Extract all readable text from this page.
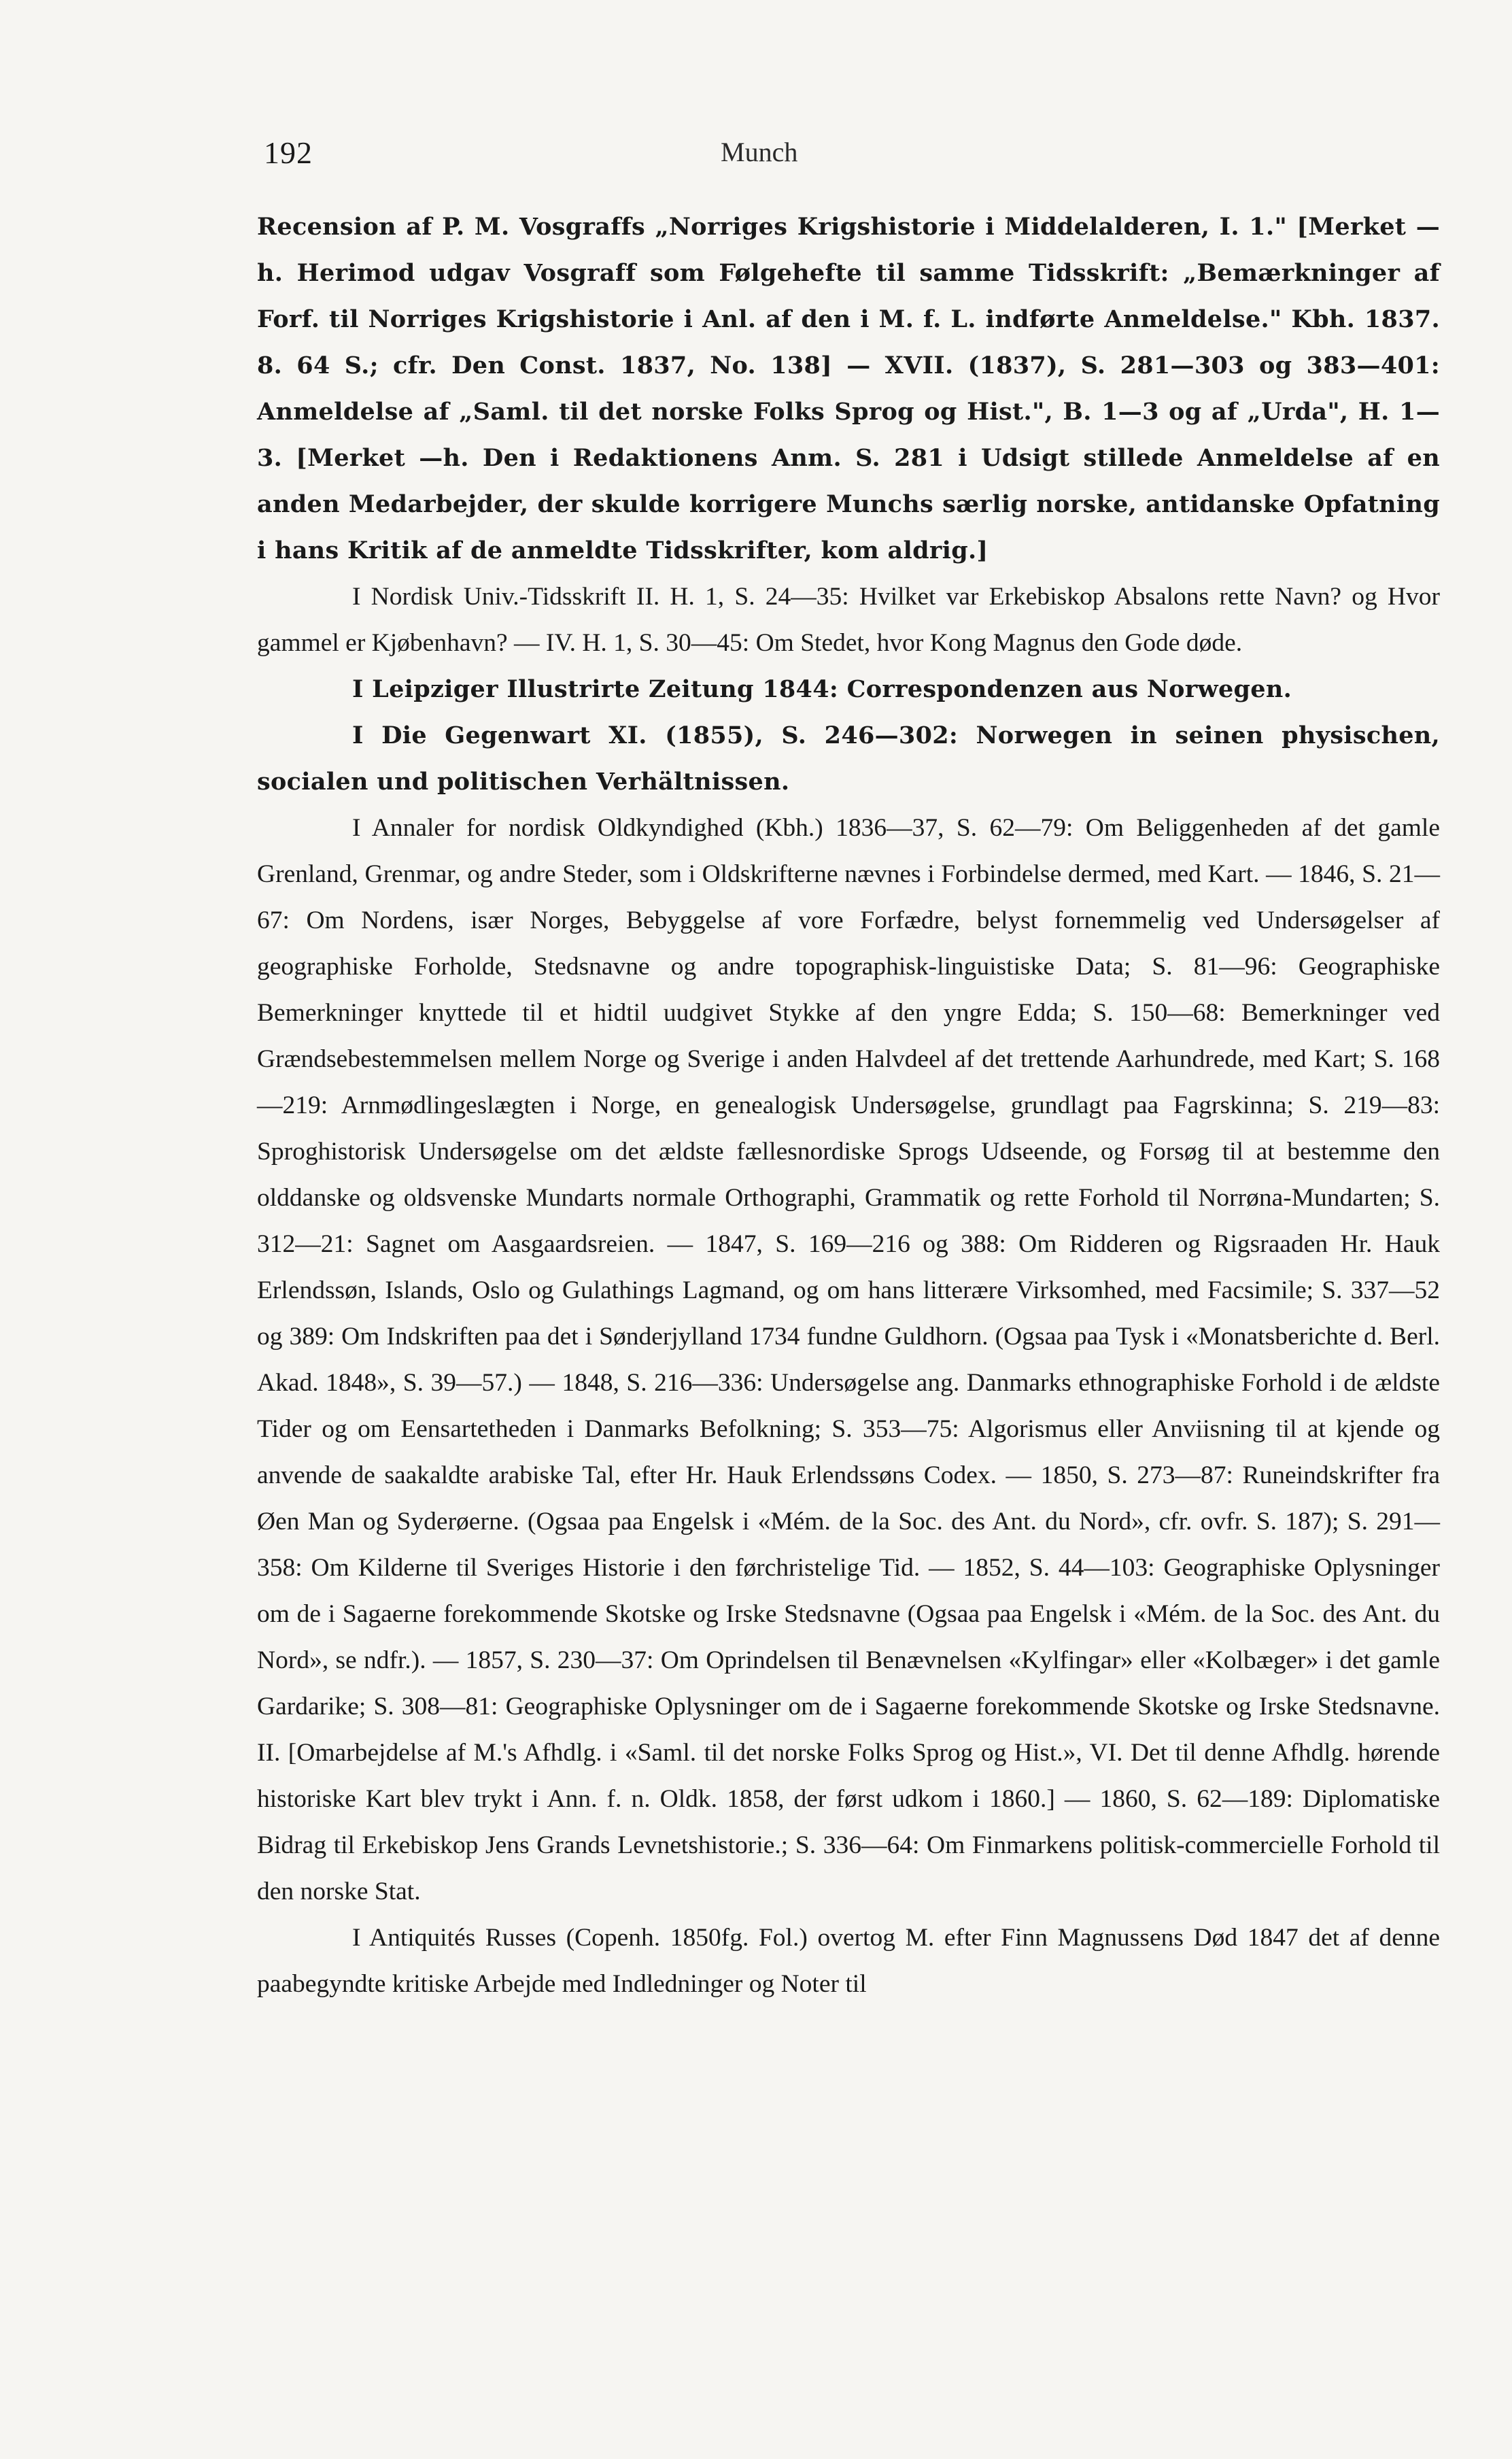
192	Munch

Recension af P. M. Vosgraffs „Norriges Krigshistorie i Middelalderen, I. 1." [Merket —h. Herimod udgav Vosgraff som Følgehefte til samme Tidsskrift: „Bemærkninger af Forf. til Norriges Krigshistorie i Anl. af den i M. f. L. indførte Anmeldelse." Kbh. 1837. 8. 64 S.; cfr. Den Const. 1837, No. 138] — XVII. (1837), S. 281—303 og 383—401: Anmeldelse af „Saml. til det norske Folks Sprog og Hist.", B. 1—3 og af „Urda", H. 1—3. [Merket —h. Den i Redaktionens Anm. S. 281 i Udsigt stillede Anmeldelse af en anden Medarbejder, der skulde korrigere Munchs særlig norske, antidanske Opfatning i hans Kritik af de anmeldte Tidsskrifter, kom aldrig.]

I Nordisk Univ.-Tidsskrift II. H. 1, S. 24—35: Hvilket var Erkebiskop Absalons rette Navn? og Hvor gammel er Kjøbenhavn? — IV. H. 1, S. 30—45: Om Stedet, hvor Kong Magnus den Gode døde.

I Leipziger Illustrirte Zeitung 1844: Correspondenzen aus Norwegen.

I Die Gegenwart XI. (1855), S. 246—302: Norwegen in seinen physischen, socialen und politischen Verhältnissen.

I Annaler for nordisk Oldkyndighed (Kbh.) 1836—37, S. 62—79: Om Beliggenheden af det gamle Grenland, Grenmar, og andre Steder, som i Oldskrifterne nævnes i Forbindelse dermed, med Kart. — 1846, S. 21—67: Om Nordens, især Norges, Bebyggelse af vore Forfædre, belyst fornemmelig ved Undersøgelser af geographiske Forholde, Stedsnavne og andre topographisk-linguistiske Data; S. 81—96: Geographiske Bemerkninger knyttede til et hidtil uudgivet Stykke af den yngre Edda; S. 150—68: Bemerkninger ved Grændsebestemmelsen mellem Norge og Sverige i anden Halvdeel af det trettende Aarhundrede, med Kart; S. 168—219: Arnmødlingeslægten i Norge, en genealogisk Undersøgelse, grundlagt paa Fagrskinna; S. 219—83: Sproghistorisk Undersøgelse om det ældste fællesnordiske Sprogs Udseende, og Forsøg til at bestemme den olddanske og oldsvenske Mundarts normale Orthographi, Grammatik og rette Forhold til Norrøna-Mundarten; S. 312—21: Sagnet om Aasgaardsreien. — 1847, S. 169—216 og 388: Om Ridderen og Rigsraaden Hr. Hauk Erlendssøn, Islands, Oslo og Gulathings Lagmand, og om hans litterære Virksomhed, med Facsimile; S. 337—52 og 389: Om Indskriften paa det i Sønderjylland 1734 fundne Guldhorn. (Ogsaa paa Tysk i «Monatsberichte d. Berl. Akad. 1848», S. 39—57.) — 1848, S. 216—336: Undersøgelse ang. Danmarks ethnographiske Forhold i de ældste Tider og om Eensartetheden i Danmarks Befolkning; S. 353—75: Algorismus eller Anviisning til at kjende og anvende de saakaldte arabiske Tal, efter Hr. Hauk Erlendssøns Codex. — 1850, S. 273—87: Runeindskrifter fra Øen Man og Syderøerne. (Ogsaa paa Engelsk i «Mém. de la Soc. des Ant. du Nord», cfr. ovfr. S. 187); S. 291—358: Om Kilderne til Sveriges Historie i den førchristelige Tid. — 1852, S. 44—103: Geographiske Oplysninger om de i Sagaerne forekommende Skotske og Irske Stedsnavne (Ogsaa paa Engelsk i «Mém. de la Soc. des Ant. du Nord», se ndfr.). — 1857, S. 230—37: Om Oprindelsen til Benævnelsen «Kylfingar» eller «Kolbæger» i det gamle Gardarike; S. 308—81: Geographiske Oplysninger om de i Sagaerne forekommende Skotske og Irske Stedsnavne. II. [Omarbejdelse af M.'s Afhdlg. i «Saml. til det norske Folks Sprog og Hist.», VI. Det til denne Afhdlg. hørende historiske Kart blev trykt i Ann. f. n. Oldk. 1858, der først udkom i 1860.] — 1860, S. 62—189: Diplomatiske Bidrag til Erkebiskop Jens Grands Levnetshistorie.; S. 336—64: Om Finmarkens politisk-commercielle Forhold til den norske Stat.

I Antiquités Russes (Copenh. 1850fg. Fol.) overtog M. efter Finn Magnussens Død 1847 det af denne paabegyndte kritiske Arbejde med Indledninger og Noter til
